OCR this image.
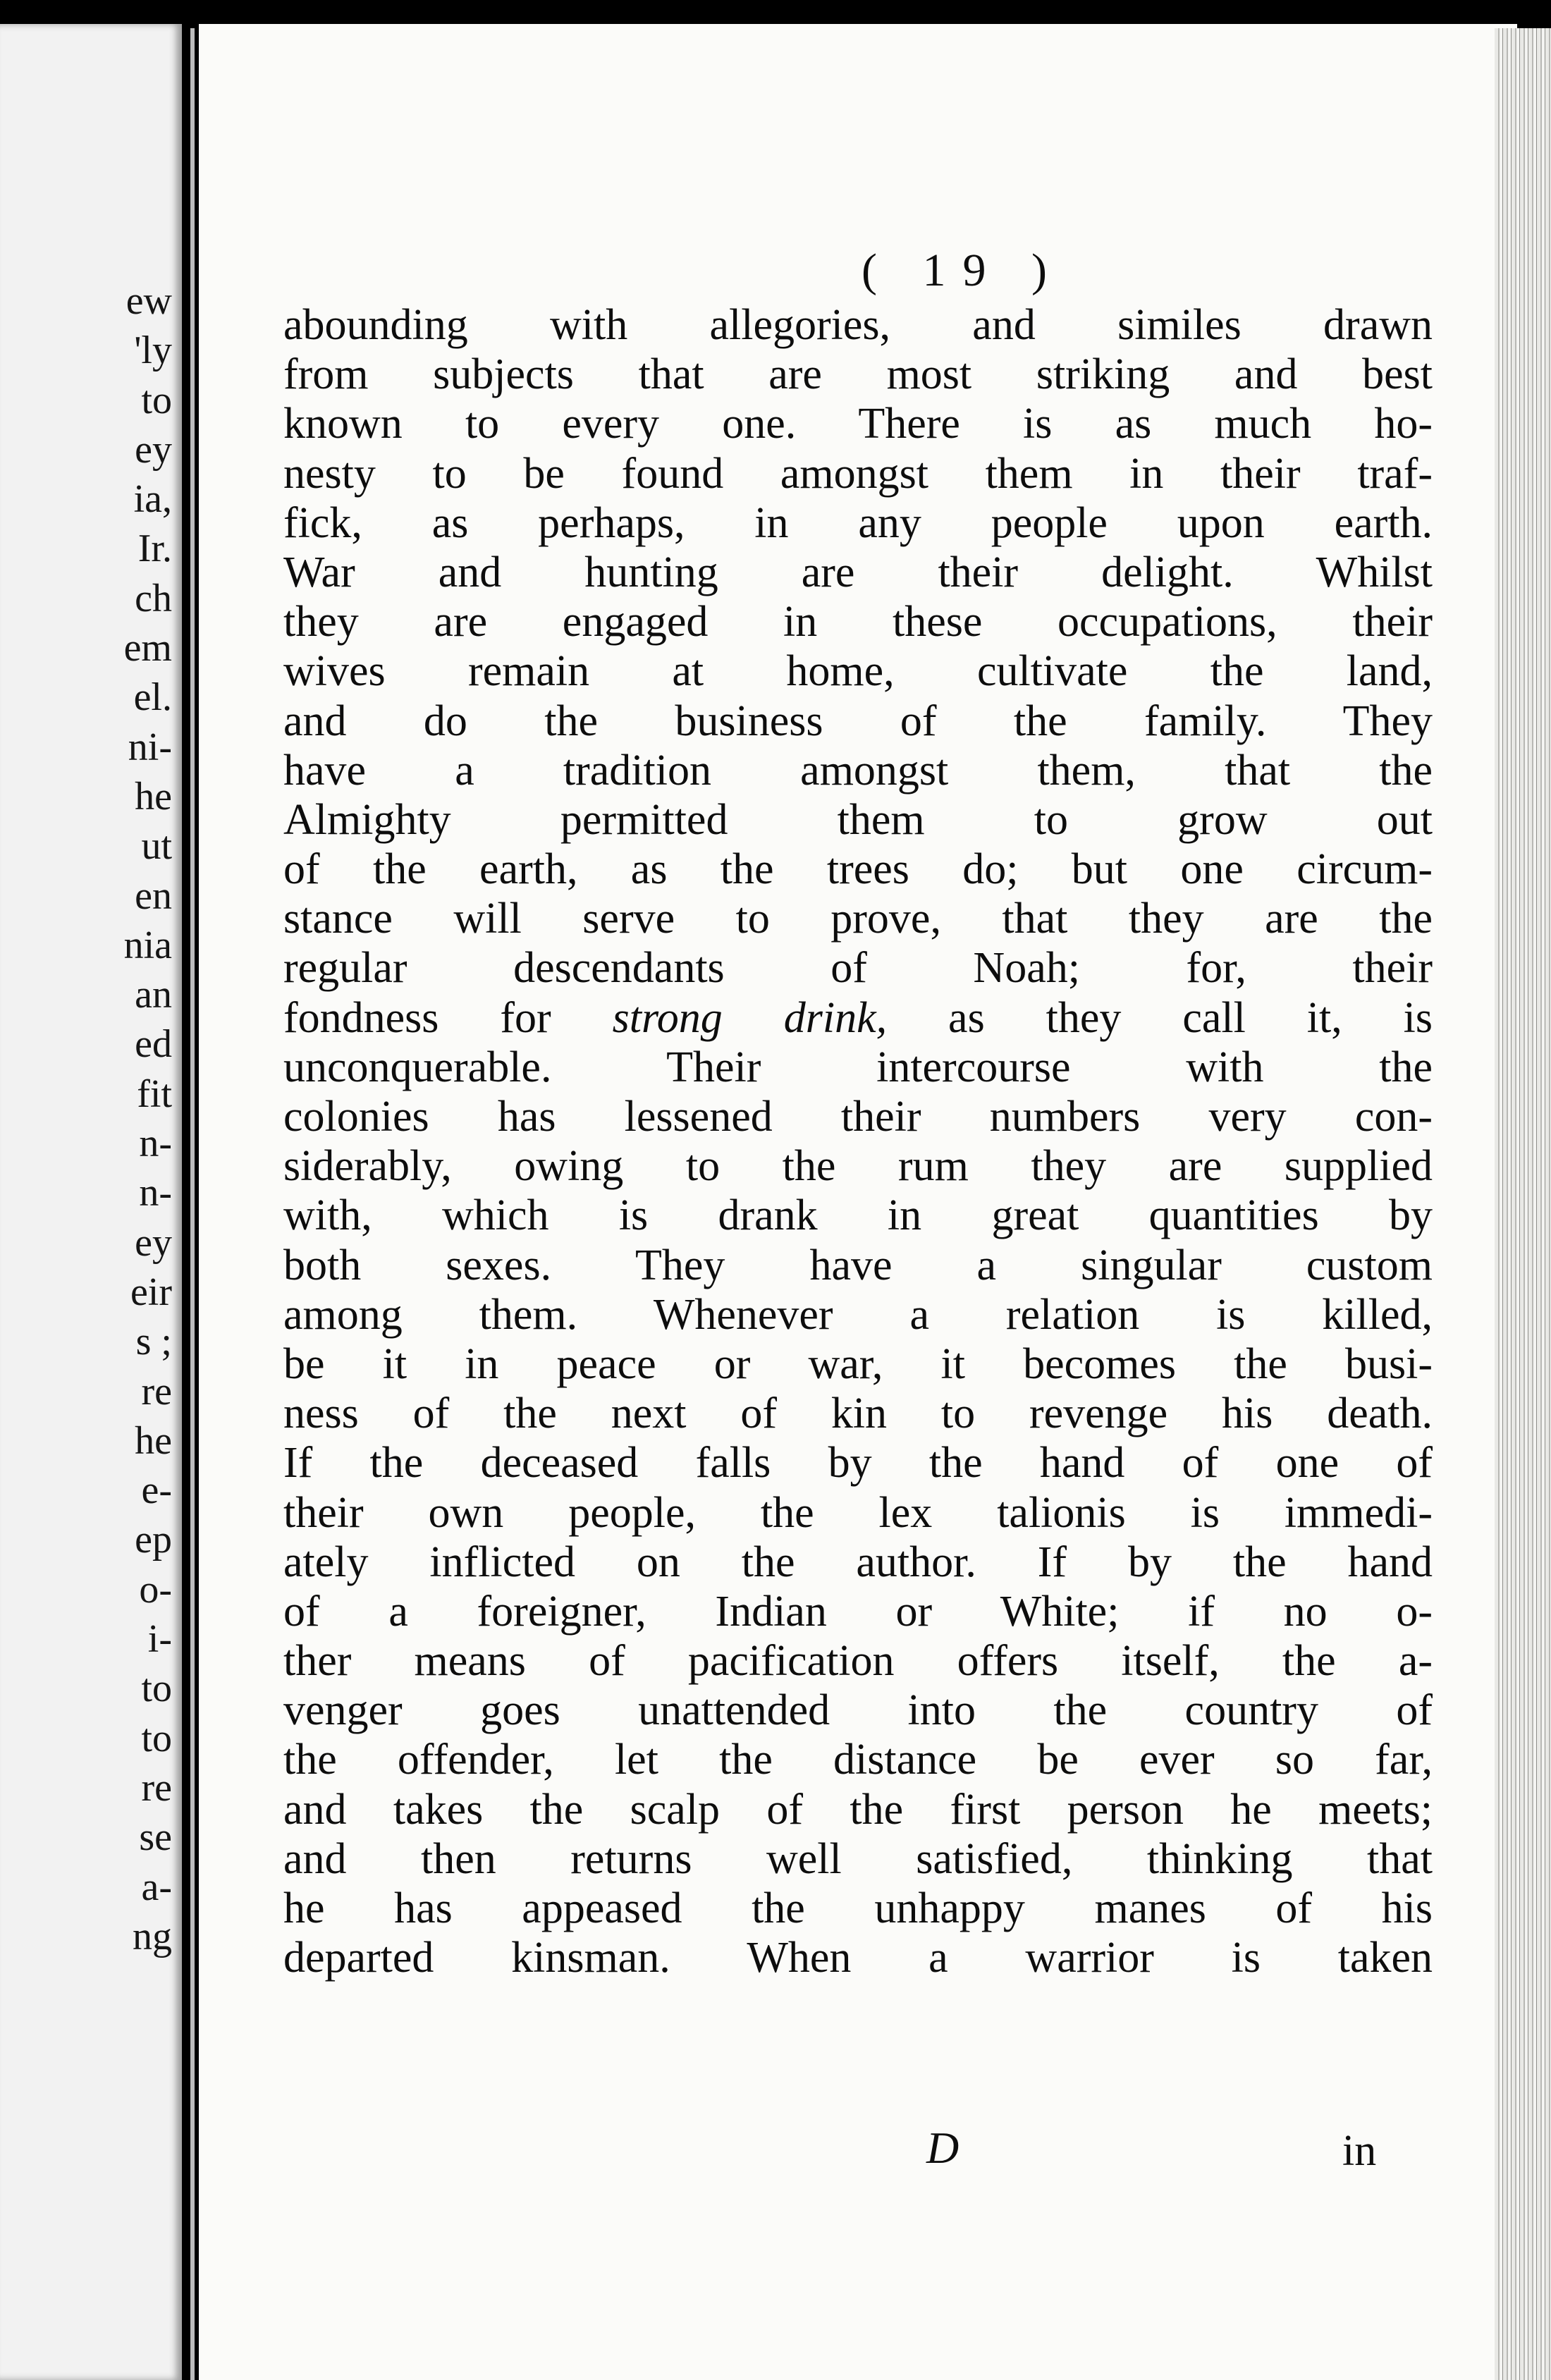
ew
'ly
to
ey
ia,
Ir.
ch
em
el.
ni-
he
ut
en
nia
an
ed
fit
n-
n-
ey
eir
s ;
re
he
e-
ep
o-
i-
to
to
re
se
a-
ng
( 19 )
abounding with allegories, and similes drawn
from subjects that are most striking and best
known to every one. There is as much ho-
nesty to be found amongst them in their traf-
fick, as perhaps, in any people upon earth.
War and hunting are their delight. Whilst
they are engaged in these occupations, their
wives remain at home, cultivate the land,
and do the business of the family. They
have a tradition amongst them, that the
Almighty permitted them to grow out
of the earth, as the trees do; but one circum-
stance will serve to prove, that they are the
regular descendants of Noah; for, their
fondness for strong drink, as they call it, is
unconquerable. Their intercourse with the
colonies has lessened their numbers very con-
siderably, owing to the rum they are supplied
with, which is drank in great quantities by
both sexes. They have a singular custom
among them. Whenever a relation is killed,
be it in peace or war, it becomes the busi-
ness of the next of kin to revenge his death.
If the deceased falls by the hand of one of
their own people, the lex talionis is immedi-
ately inflicted on the author. If by the hand
of a foreigner, Indian or White; if no o-
ther means of pacification offers itself, the a-
venger goes unattended into the country of
the offender, let the distance be ever so far,
and takes the scalp of the first person he meets;
and then returns well satisfied, thinking that
he has appeased the unhappy manes of his
departed kinsman. When a warrior is taken
D	in
